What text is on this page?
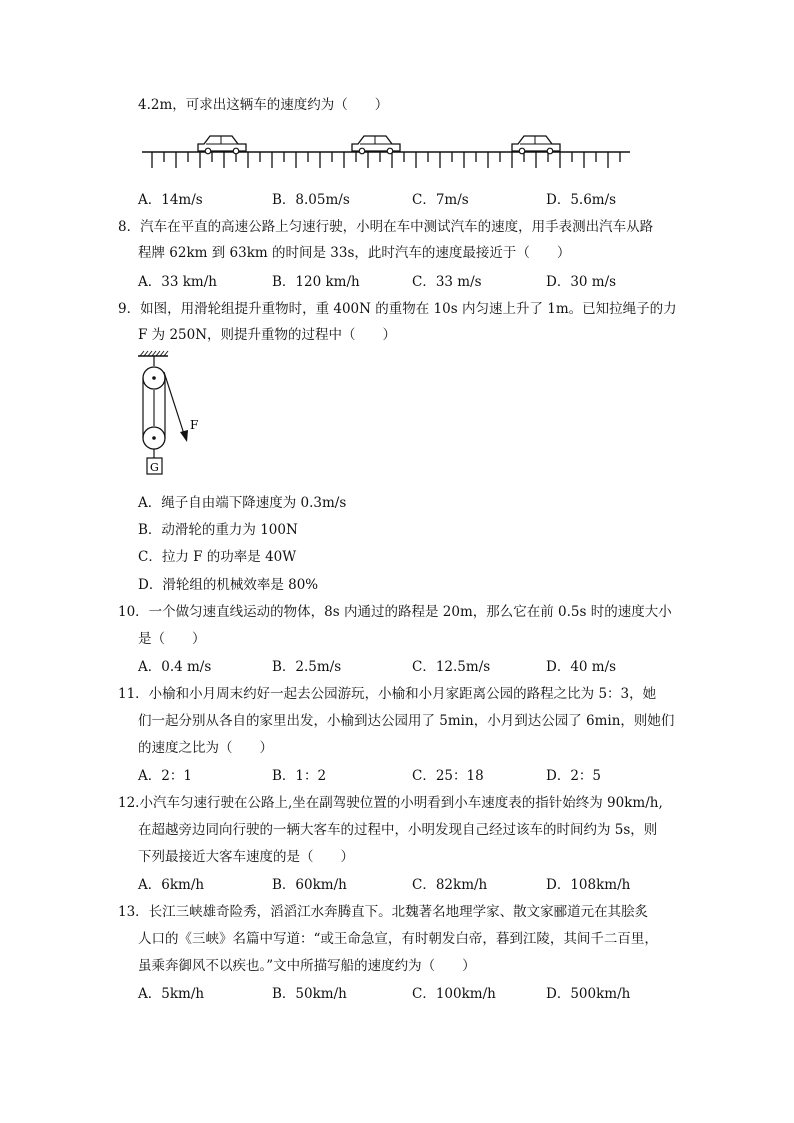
4.2m，可求出这辆车的速度约为（　　）
A．14m/s	B．8.05m/s	C．7m/s	D．5.6m/s
8．汽车在平直的高速公路上匀速行驶，小明在车中测试汽车的速度，用手表测出汽车从路
程牌 62km 到 63km 的时间是 33s，此时汽车的速度最接近于（　　）
A．33 km/h	B．120 km/h	C．33 m/s	D．30 m/s
9．如图，用滑轮组提升重物时，重 400N 的重物在 10s 内匀速上升了 1m。已知拉绳子的力
F 为 250N，则提升重物的过程中（　　）
F
G
A．绳子自由端下降速度为 0.3m/s
B．动滑轮的重力为 100N
C．拉力 F 的功率是 40W
D．滑轮组的机械效率是 80%
10．一个做匀速直线运动的物体，8s 内通过的路程是 20m，那么它在前 0.5s 时的速度大小
是（　　）
A．0.4 m/s	B．2.5m/s	C．12.5m/s	D．40 m/s
11．小榆和小月周末约好一起去公园游玩，小榆和小月家距离公园的路程之比为 5：3，她
们一起分别从各自的家里出发，小榆到达公园用了 5min，小月到达公园了 6min，则她们
的速度之比为（　　）
A．2：1	B．1：2	C．25：18	D．2：5
12.小汽车匀速行驶在公路上,坐在副驾驶位置的小明看到小车速度表的指针始终为 90km/h,
在超越旁边同向行驶的一辆大客车的过程中，小明发现自己经过该车的时间约为 5s，则
下列最接近大客车速度的是（　　）
A．6km/h	B．60km/h	C．82km/h	D．108km/h
13．长江三峡雄奇险秀，滔滔江水奔腾直下。北魏著名地理学家、散文家郦道元在其脍炙
人口的《三峡》名篇中写道：“或王命急宣，有时朝发白帝，暮到江陵，其间千二百里，
虽乘奔御风不以疾也。”文中所描写船的速度约为（　　）
A．5km/h	B．50km/h	C．100km/h	D．500km/h
